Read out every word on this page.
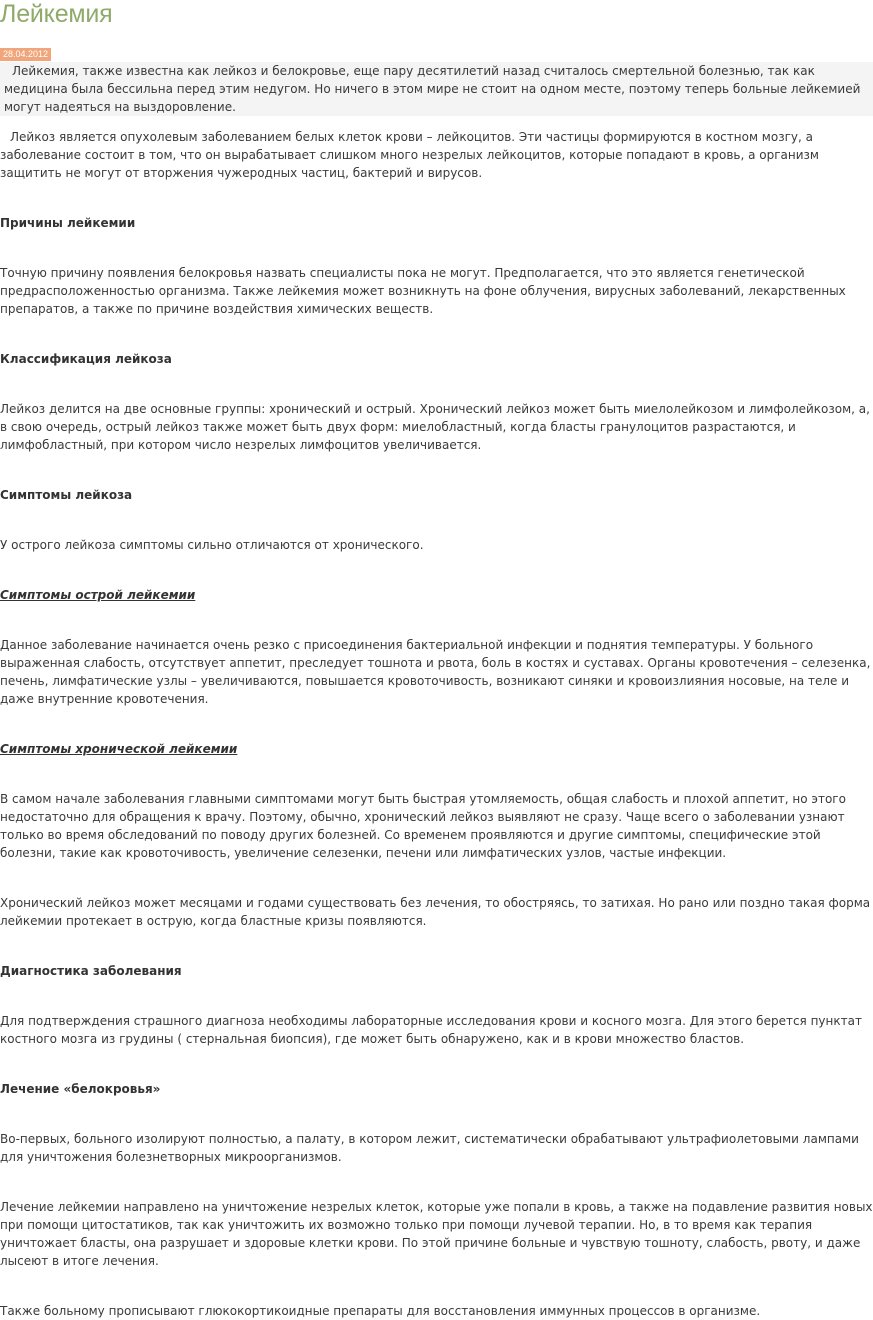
Лейкемия
28.04.2012

Лейкемия, также известна как лейкоз и белокровье, еще пару десятилетий назад считалось смертельной болезнью, так как медицина была бессильна перед этим недугом. Но ничего в этом мире не стоит на одном месте, поэтому теперь больные лейкемией могут надеяться на выздоровление.

Лейкоз является опухолевым заболеванием белых клеток крови – лейкоцитов. Эти частицы формируются в костном мозгу, а заболевание состоит в том, что он вырабатывает слишком много незрелых лейкоцитов, которые попадают в кровь, а организм защитить не могут от вторжения чужеродных частиц, бактерий и вирусов.

Причины лейкемии

Точную причину появления белокровья назвать специалисты пока не могут. Предполагается, что это является генетической предрасположенностью организма. Также лейкемия может возникнуть на фоне облучения, вирусных заболеваний, лекарственных препаратов, а также по причине воздействия химических веществ.

Классификация лейкоза

Лейкоз делится на две основные группы: хронический и острый. Хронический лейкоз может быть миелолейкозом и лимфолейкозом, а, в свою очередь, острый лейкоз также может быть двух форм: миелобластный, когда бласты гранулоцитов разрастаются, и лимфобластный, при котором число незрелых лимфоцитов увеличивается.

Симптомы лейкоза

У острого лейкоза симптомы сильно отличаются от хронического.

Симптомы острой лейкемии

Данное заболевание начинается очень резко с присоединения бактериальной инфекции и поднятия температуры. У больного выраженная слабость, отсутствует аппетит, преследует тошнота и рвота, боль в костях и суставах. Органы кровотечения – селезенка, печень, лимфатические узлы – увеличиваются, повышается кровоточивость, возникают синяки и кровоизлияния носовые, на теле и даже внутренние кровотечения.

Симптомы хронической лейкемии

В самом начале заболевания главными симптомами могут быть быстрая утомляемость, общая слабость и плохой аппетит, но этого недостаточно для обращения к врачу. Поэтому, обычно, хронический лейкоз выявляют не сразу. Чаще всего о заболевании узнают только во время обследований по поводу других болезней. Со временем проявляются и другие симптомы, специфические этой болезни, такие как кровоточивость, увеличение селезенки, печени или лимфатических узлов, частые инфекции.

Хронический лейкоз может месяцами и годами существовать без лечения, то обостряясь, то затихая. Но рано или поздно такая форма лейкемии протекает в острую, когда бластные кризы появляются.

Диагностика заболевания

Для подтверждения страшного диагноза необходимы лабораторные исследования крови и косного мозга. Для этого берется пунктат костного мозга из грудины ( стернальная биопсия), где может быть обнаружено, как и в крови множество бластов.

Лечение «белокровья»

Во-первых, больного изолируют полностью, а палату, в котором лежит, систематически обрабатывают ультрафиолетовыми лампами для уничтожения болезнетворных микроорганизмов.

Лечение лейкемии направлено на уничтожение незрелых клеток, которые уже попали в кровь, а также на подавление развития новых при помощи цитостатиков, так как уничтожить их возможно только при помощи лучевой терапии. Но, в то время как терапия уничтожает бласты, она разрушает и здоровые клетки крови. По этой причине больные и чувствую тошноту, слабость, рвоту, и даже лысеют в итоге лечения.

Также больному прописывают глюкокортикоидные препараты для восстановления иммунных процессов в организме.
